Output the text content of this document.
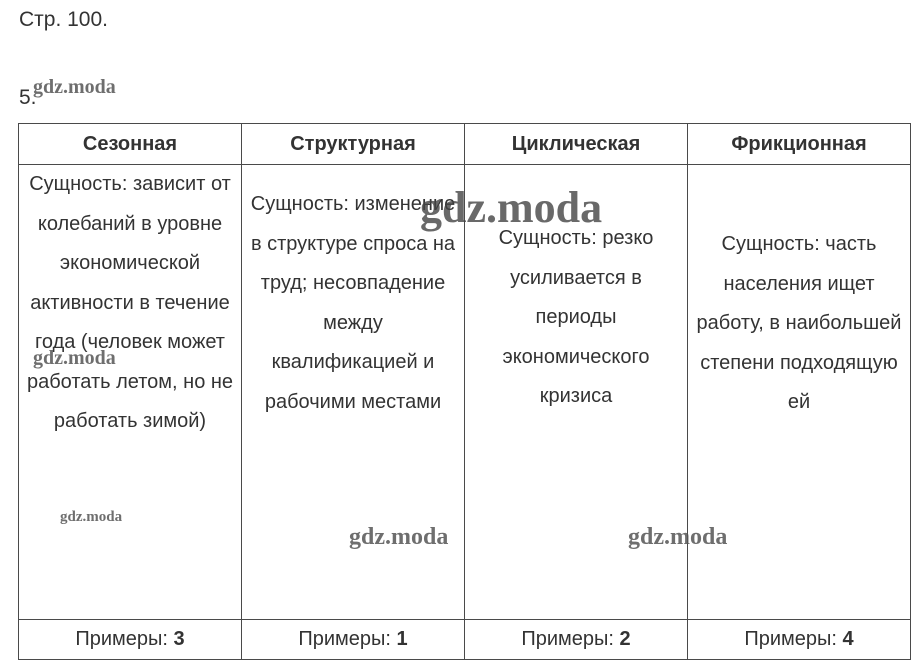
Стр. 100.
5.
Сезонная	Структурная	Циклическая	Фрикционная
Сущность: зависит от колебаний в уровне экономической активности в течение года (человек может работать летом, но не работать зимой)	Сущность: изменение в структуре спроса на труд; несовпадение между квалификацией и рабочими местами	Сущность: резко усиливается в периоды экономического кризиса	Сущность: часть населения ищет работу, в наибольшей степени подходящую ей
Примеры: 3	Примеры: 1	Примеры: 2	Примеры: 4
gdz.moda
gdz.moda
gdz.moda
gdz.moda
gdz.moda	gdz.moda
